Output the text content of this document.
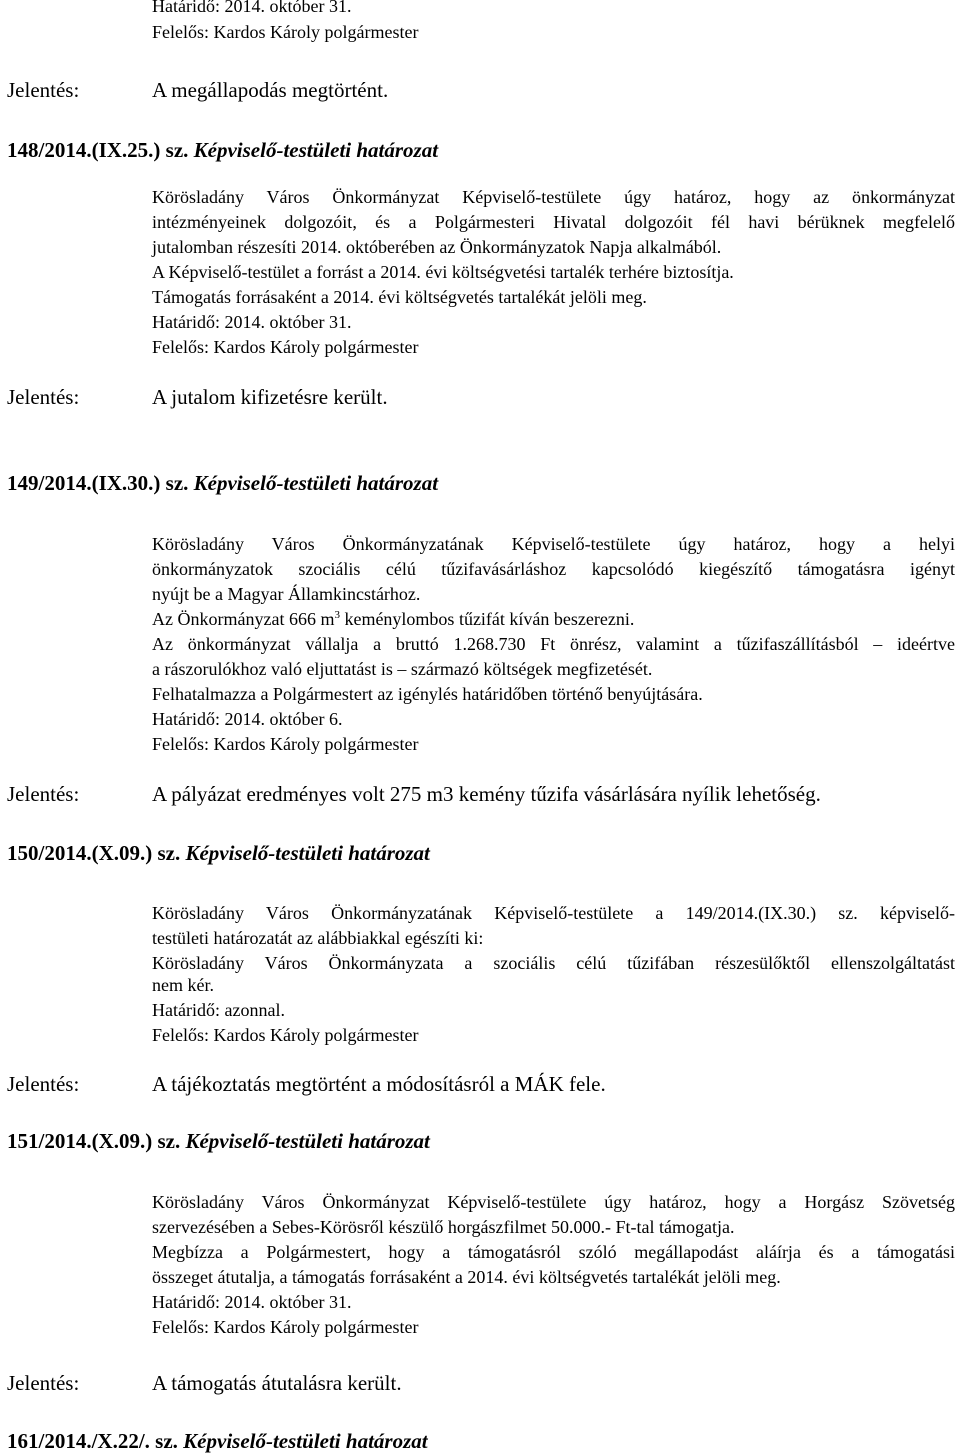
Határidő: 2014. október 31.
Felelős: Kardos Károly polgármester
Jelentés:	A megállapodás megtörtént.
148/2014.(IX.25.) sz. Képviselő-testületi határozat
Körösladány Város Önkormányzat Képviselő-testülete úgy határoz, hogy az önkormányzat
intézményeinek dolgozóit, és a Polgármesteri Hivatal dolgozóit fél havi bérüknek megfelelő
jutalomban részesíti 2014. októberében az Önkormányzatok Napja alkalmából.
A Képviselő-testület a forrást a 2014. évi költségvetési tartalék terhére biztosítja.
Támogatás forrásaként a 2014. évi költségvetés tartalékát jelöli meg.
Határidő: 2014. október 31.
Felelős: Kardos Károly polgármester
Jelentés:	A jutalom kifizetésre került.
149/2014.(IX.30.) sz. Képviselő-testületi határozat
Körösladány Város Önkormányzatának Képviselő-testülete úgy határoz, hogy a helyi
önkormányzatok szociális célú tűzifavásárláshoz kapcsolódó kiegészítő támogatásra igényt
nyújt be a Magyar Államkincstárhoz.
Az Önkormányzat 666 $m^3$ keménylombos tűzifát kíván beszerezni.
Az önkormányzat vállalja a bruttó 1.268.730 Ft önrész, valamint a tűzifaszállításból – ideértve
a rászorulókhoz való eljuttatást is – származó költségek megfizetését.
Felhatalmazza a Polgármestert az igénylés határidőben történő benyújtására.
Határidő: 2014. október 6.
Felelős: Kardos Károly polgármester
Jelentés:	A pályázat eredményes volt 275 m3 kemény tűzifa vásárlására nyílik lehetőség.
150/2014.(X.09.) sz. Képviselő-testületi határozat
Körösladány Város Önkormányzatának Képviselő-testülete a 149/2014.(IX.30.) sz. képviselő-
testületi határozatát az alábbiakkal egészíti ki:
Körösladány Város Önkormányzata a szociális célú tűzifában részesülőktől ellenszolgáltatást
nem kér.
Határidő: azonnal.
Felelős: Kardos Károly polgármester
Jelentés:	A tájékoztatás megtörtént a módosításról a MÁK fele.
151/2014.(X.09.) sz. Képviselő-testületi határozat
Körösladány Város Önkormányzat Képviselő-testülete úgy határoz, hogy a Horgász Szövetség
szervezésében a Sebes-Körösről készülő horgászfilmet 50.000.- Ft-tal támogatja.
Megbízza a Polgármestert, hogy a támogatásról szóló megállapodást aláírja és a támogatási
összeget átutalja, a támogatás forrásaként a 2014. évi költségvetés tartalékát jelöli meg.
Határidő: 2014. október 31.
Felelős: Kardos Károly polgármester
Jelentés:	A támogatás átutalásra került.
161/2014./X.22/. sz. Képviselő-testületi határozat
